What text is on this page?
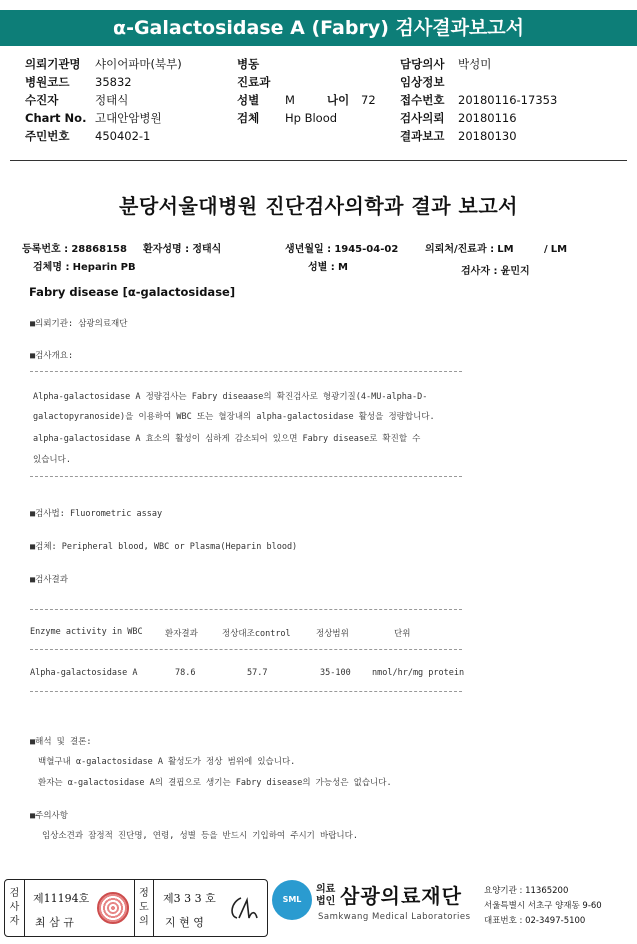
α-Galactosidase A (Fabry) 검사결과보고서
의뢰기관명 샤이어파마(북부)
병원코드 35832
수진자	정태식
Chart No. 고대안암병원
주민번호 450402-1
병동
진료과
성별 M	나이 72
검체 Hp Blood
담당의사 박성미
임상정보
접수번호 20180116-17353
검사의뢰 20180116
결과보고 20180130
분당서울대병원 진단검사의학과 결과 보고서
등록번호 : 28868158 환자성명 : 정태식	생년월일 : 1945-04-02	의뢰처/진료과 : LM	/ LM
검체명 : Heparin PB	성별 : M	검사자 : 윤민지
Fabry disease [α-galactosidase]
■의뢰기관: 삼광의료재단
■검사개요:
Alpha-galactosidase A 정량검사는 Fabry diseaase의 확진검사로 형광기질(4-MU-alpha-D-
galactopyranoside)을 이용하여 WBC 또는 혈장내의 alpha-galactosidase 활성을 정량합니다.
alpha-galactosidase A 효소의 활성이 심하게 감소되어 있으면 Fabry disease로 확진할 수
있습니다.
■검사법: Fluorometric assay
■검체: Peripheral blood, WBC or Plasma(Heparin blood)
■검사결과
Enzyme activity in WBC	환자결과	정상대조control	정상범위	단위
Alpha-galactosidase A	78.6	57.7	35-100	nmol/hr/mg protein
■해석 및 결론:
백혈구내 α-galactosidase A 활성도가 정상 범위에 있습니다.
환자는 α-galactosidase A의 결핍으로 생기는 Fabry disease의 가능성은 없습니다.
■주의사항
임상소견과 잠정적 진단명, 연령, 성별 등을 반드시 기입하여 주시기 바랍니다.
검
사
자
제11194호
최 삼 규
정
도
의
제3 3 3 호
지 현 영
SML
의료
법인 삼광의료재단
Samkwang Medical Laboratories
요양기관 : 11365200
서울특별시 서초구 양재동 9-60
대표번호 : 02-3497-5100
